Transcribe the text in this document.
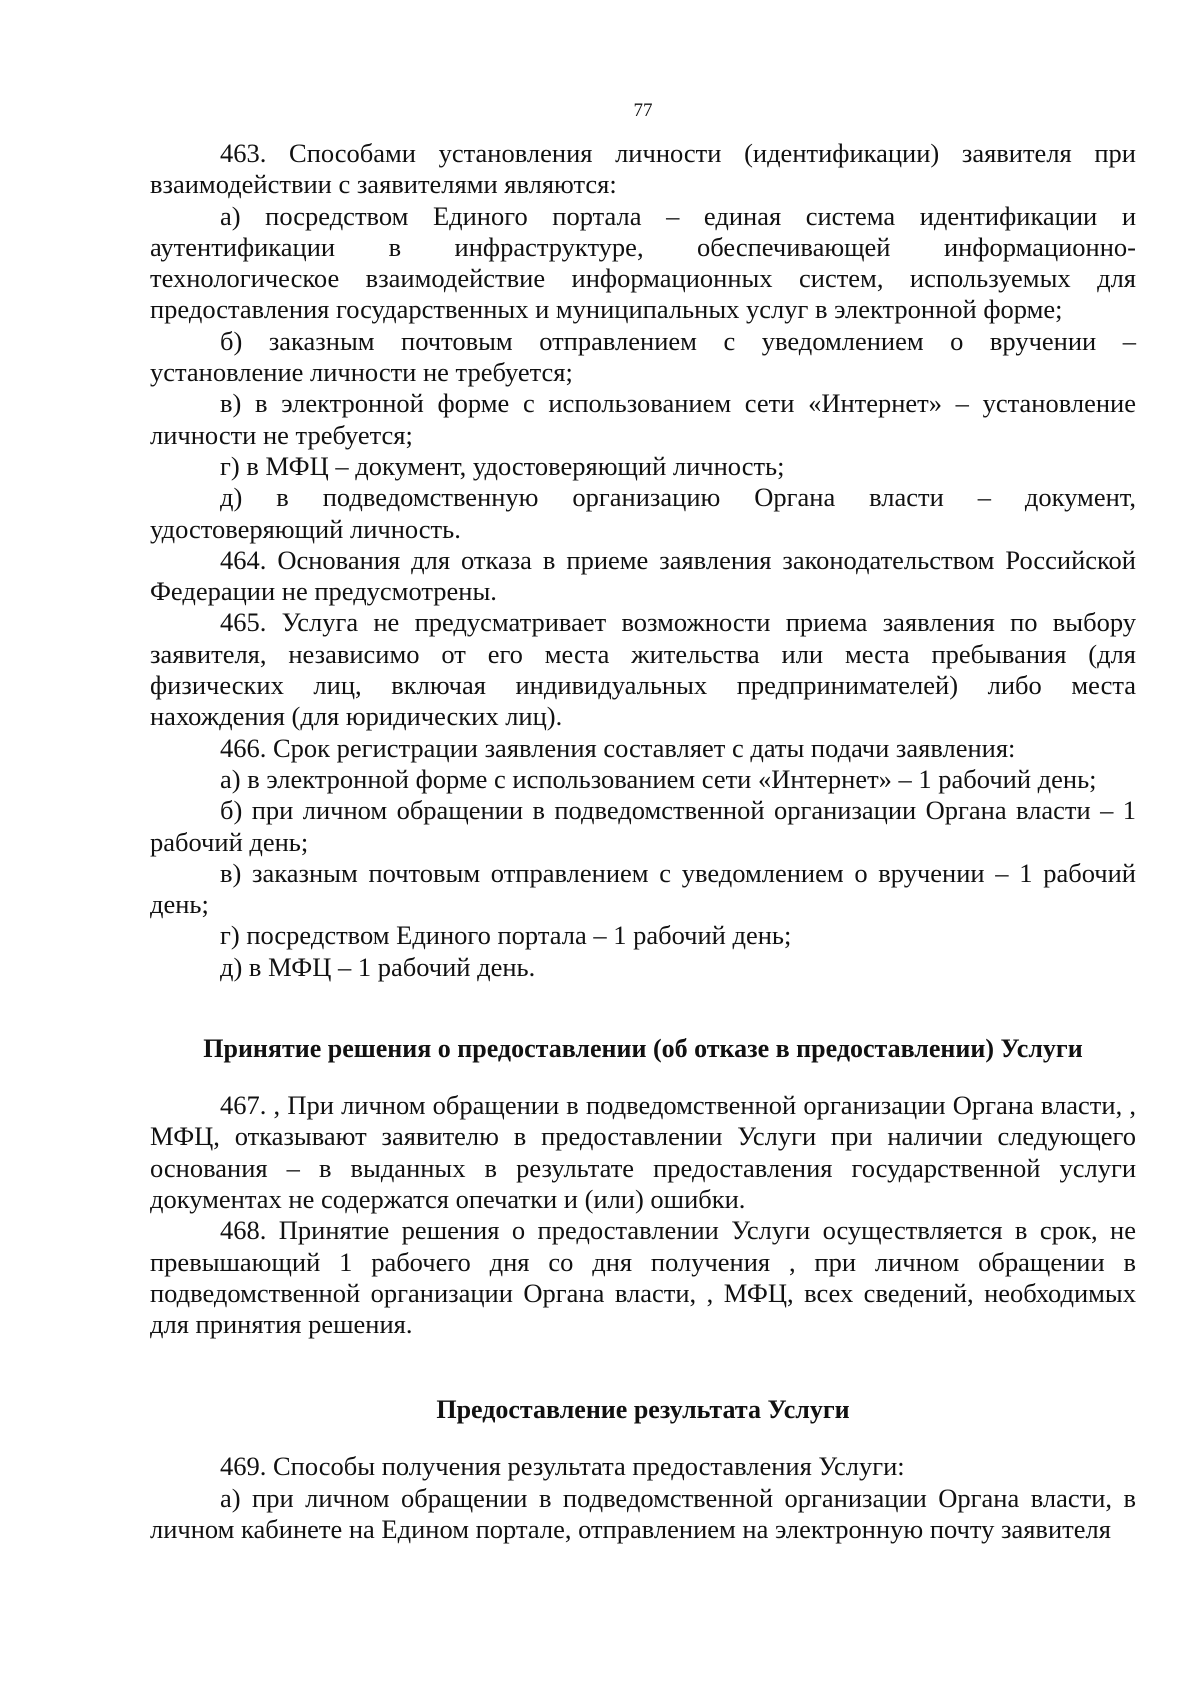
77

463. Способами установления личности (идентификации) заявителя при взаимодействии с заявителями являются:

а) посредством Единого портала – единая система идентификации и аутентификации в инфраструктуре, обеспечивающей информационно-технологическое взаимодействие информационных систем, используемых для предоставления государственных и муниципальных услуг в электронной форме;

б) заказным почтовым отправлением с уведомлением о вручении – установление личности не требуется;

в) в электронной форме с использованием сети «Интернет» – установление личности не требуется;

г) в МФЦ – документ, удостоверяющий личность;

д) в подведомственную организацию Органа власти – документ, удостоверяющий личность.

464. Основания для отказа в приеме заявления законодательством Российской Федерации не предусмотрены.

465. Услуга не предусматривает возможности приема заявления по выбору заявителя, независимо от его места жительства или места пребывания (для физических лиц, включая индивидуальных предпринимателей) либо места нахождения (для юридических лиц).

466. Срок регистрации заявления составляет с даты подачи заявления:

а) в электронной форме с использованием сети «Интернет» – 1 рабочий день;

б) при личном обращении в подведомственной организации Органа власти – 1 рабочий день;

в) заказным почтовым отправлением с уведомлением о вручении – 1 рабочий день;

г) посредством Единого портала – 1 рабочий день;

д) в МФЦ – 1 рабочий день.

Принятие решения о предоставлении (об отказе в предоставлении) Услуги

467. , При личном обращении в подведомственной организации Органа власти, , МФЦ, отказывают заявителю в предоставлении Услуги при наличии следующего основания – в выданных в результате предоставления государственной услуги документах не содержатся опечатки и (или) ошибки.

468. Принятие решения о предоставлении Услуги осуществляется в срок, не превышающий 1 рабочего дня со дня получения , при личном обращении в подведомственной организации Органа власти, , МФЦ, всех сведений, необходимых для принятия решения.

Предоставление результата Услуги

469. Способы получения результата предоставления Услуги:

а) при личном обращении в подведомственной организации Органа власти, в личном кабинете на Едином портале, отправлением на электронную почту заявителя
